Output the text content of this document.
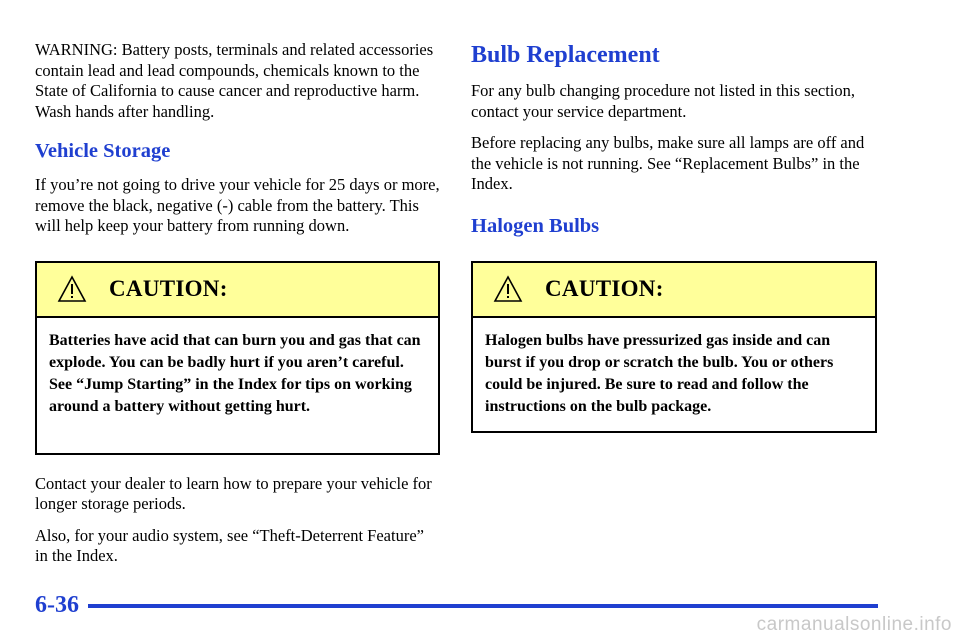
WARNING: Battery posts, terminals and related accessories contain lead and lead compounds, chemicals known to the State of California to cause cancer and reproductive harm. Wash hands after handling.

Vehicle Storage

If you’re not going to drive your vehicle for 25 days or more, remove the black, negative (-) cable from the battery. This will help keep your battery from running down.

CAUTION:
Batteries have acid that can burn you and gas that can explode. You can be badly hurt if you aren’t careful. See “Jump Starting” in the Index for tips on working around a battery without getting hurt.

Contact your dealer to learn how to prepare your vehicle for longer storage periods.

Also, for your audio system, see “Theft-Deterrent Feature” in the Index.

Bulb Replacement

For any bulb changing procedure not listed in this section, contact your service department.

Before replacing any bulbs, make sure all lamps are off and the vehicle is not running. See “Replacement Bulbs” in the Index.

Halogen Bulbs
CAUTION:
Halogen bulbs have pressurized gas inside and can burst if you drop or scratch the bulb. You or others could be injured. Be sure to read and follow the instructions on the bulb package.
6-36
carmanualsonline.info
